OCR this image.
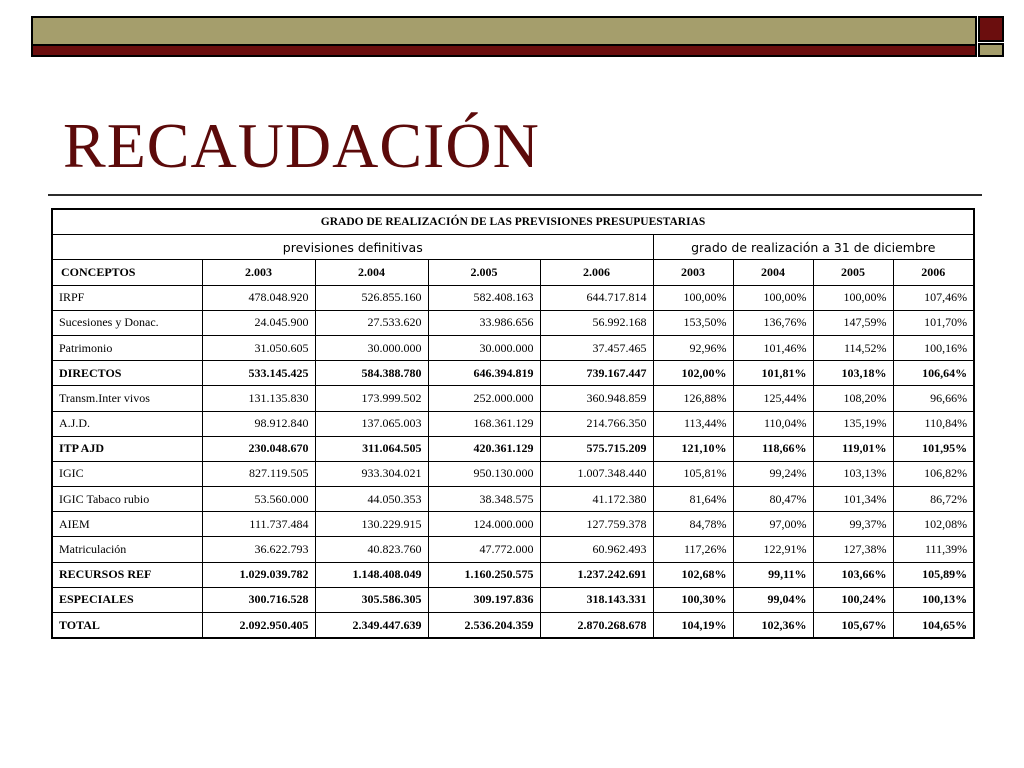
RECAUDACIÓN
GRADO DE REALIZACIÓN DE LAS PREVISIONES PRESUPUESTARIAS								
previsiones definitivas					grado de realización a 31 de diciembre			
CONCEPTOS	2.003	2.004	2.005	2.006	2003	2004	2005	2006
IRPF	478.048.920	526.855.160	582.408.163	644.717.814	100,00%	100,00%	100,00%	107,46%
Sucesiones y Donac.	24.045.900	27.533.620	33.986.656	56.992.168	153,50%	136,76%	147,59%	101,70%
Patrimonio	31.050.605	30.000.000	30.000.000	37.457.465	92,96%	101,46%	114,52%	100,16%
DIRECTOS	533.145.425	584.388.780	646.394.819	739.167.447	102,00%	101,81%	103,18%	106,64%
Transm.Inter vivos	131.135.830	173.999.502	252.000.000	360.948.859	126,88%	125,44%	108,20%	96,66%
A.J.D.	98.912.840	137.065.003	168.361.129	214.766.350	113,44%	110,04%	135,19%	110,84%
ITP AJD	230.048.670	311.064.505	420.361.129	575.715.209	121,10%	118,66%	119,01%	101,95%
IGIC	827.119.505	933.304.021	950.130.000	1.007.348.440	105,81%	99,24%	103,13%	106,82%
IGIC Tabaco rubio	53.560.000	44.050.353	38.348.575	41.172.380	81,64%	80,47%	101,34%	86,72%
AIEM	111.737.484	130.229.915	124.000.000	127.759.378	84,78%	97,00%	99,37%	102,08%
Matriculación	36.622.793	40.823.760	47.772.000	60.962.493	117,26%	122,91%	127,38%	111,39%
RECURSOS REF	1.029.039.782	1.148.408.049	1.160.250.575	1.237.242.691	102,68%	99,11%	103,66%	105,89%
ESPECIALES	300.716.528	305.586.305	309.197.836	318.143.331	100,30%	99,04%	100,24%	100,13%
TOTAL	2.092.950.405	2.349.447.639	2.536.204.359	2.870.268.678	104,19%	102,36%	105,67%	104,65%
